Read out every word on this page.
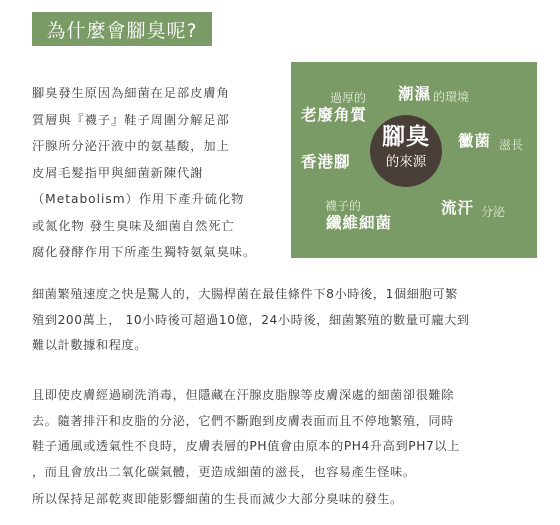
為什麼會腳臭呢?

腳臭發生原因為細菌在足部皮膚角
質層與『襪子』鞋子周圍分解足部
汗腺所分泌汗液中的氨基酸，加上
皮屑毛髮指甲與細菌新陳代謝
（Metabolism）作用下產升硫化物
或氮化物 發生臭味及細菌自然死亡
腐化發酵作用下所產生獨特氨氣臭味。

過厚的
老廢角質
潮濕 的環境
黴菌 滋長
香港腳
襪子的
纖維細菌
流汗 分泌
腳臭
的來源

細菌繁殖速度之快是驚人的，大腸桿菌在最佳條件下8小時後，1個細胞可繁
殖到200萬上， 10小時後可超過10億，24小時後，細菌繁殖的數量可龐大到
難以計數據和程度。

且即使皮膚經過刷洗消毒，但隱藏在汗腺皮脂腺等皮膚深處的細菌卻很難除
去。隨著排汗和皮脂的分泌，它們不斷跑到皮膚表面而且不停地繁殖，同時
鞋子通風或透氣性不良時，皮膚表層的PH值會由原本的PH4升高到PH7以上
，而且會放出二氧化碳氣體，更造成細菌的滋長，也容易產生怪味。

所以保持足部乾爽即能影響細菌的生長而減少大部分臭味的發生。
